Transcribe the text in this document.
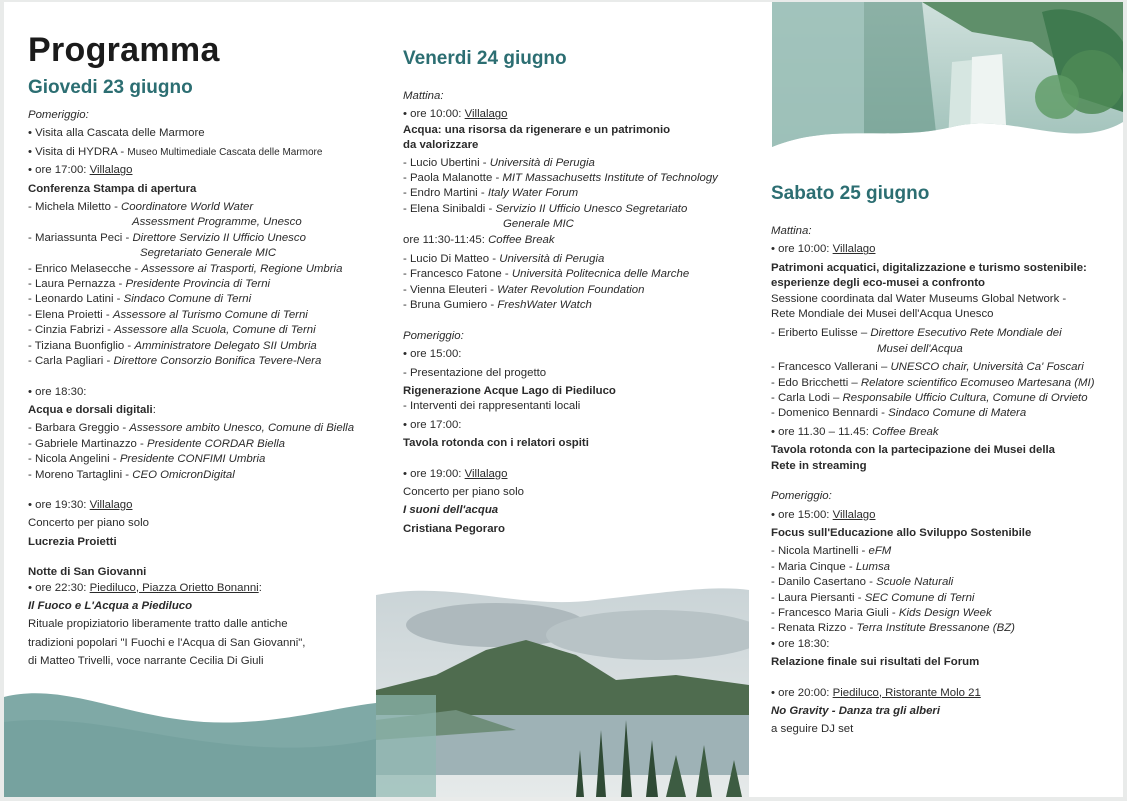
Programma
Giovedi 23 giugno
Pomeriggio:
• Visita alla Cascata delle Marmore
• Visita di HYDRA - Museo Multimediale Cascata delle Marmore
• ore 17:00: Villalago
Conferenza Stampa di apertura
- Michela Miletto - Coordinatore World Water
Assessment Programme, Unesco
- Mariassunta Peci - Direttore Servizio II Ufficio Unesco
Segretariato Generale MIC
- Enrico Melasecche - Assessore ai Trasporti, Regione Umbria
- Laura Pernazza - Presidente Provincia di Terni
- Leonardo Latini - Sindaco Comune di Terni
- Elena Proietti - Assessore al Turismo Comune di Terni
- Cinzia Fabrizi - Assessore alla Scuola, Comune di Terni
- Tiziana Buonfiglio - Amministratore Delegato SII Umbria
- Carla Pagliari - Direttore Consorzio Bonifica Tevere-Nera
• ore 18:30:
Acqua e dorsali digitali:
- Barbara Greggio - Assessore ambito Unesco, Comune di Biella
- Gabriele Martinazzo - Presidente CORDAR Biella
- Nicola Angelini - Presidente CONFIMI Umbria
- Moreno Tartaglini - CEO OmicronDigital
• ore 19:30: Villalago
Concerto per piano solo
Lucrezia Proietti
Notte di San Giovanni
• ore 22:30: Piediluco, Piazza Orietto Bonanni:
Il Fuoco e L'Acqua a Piediluco
Rituale propiziatorio liberamente tratto dalle antiche
tradizioni popolari "I Fuochi e l'Acqua di San Giovanni",
di Matteo Trivelli, voce narrante Cecilia Di Giuli
Venerdi 24 giugno
Mattina:
• ore 10:00: Villalago
Acqua: una risorsa da rigenerare e un patrimonio
da valorizzare
- Lucio Ubertini - Università di Perugia
- Paola Malanotte - MIT Massachusetts Institute of Technology
- Endro Martini - Italy Water Forum
- Elena Sinibaldi - Servizio II Ufficio Unesco Segretariato
Generale MIC
ore 11:30-11:45: Coffee Break
- Lucio Di Matteo - Università di Perugia
- Francesco Fatone - Università Politecnica delle Marche
- Vienna Eleuteri - Water Revolution Foundation
- Bruna Gumiero - FreshWater Watch
Pomeriggio:
• ore 15:00:
- Presentazione del progetto
Rigenerazione Acque Lago di Piediluco
- Interventi dei rappresentanti locali
• ore 17:00:
Tavola rotonda con i relatori ospiti
• ore 19:00: Villalago
Concerto per piano solo
I suoni dell'acqua
Cristiana Pegoraro
Sabato 25 giugno
Mattina:
• ore 10:00: Villalago
Patrimoni acquatici, digitalizzazione e turismo sostenibile:
esperienze degli eco-musei a confronto
Sessione coordinata dal Water Museums Global Network -
Rete Mondiale dei Musei dell'Acqua Unesco
- Eriberto Eulisse – Direttore Esecutivo Rete Mondiale dei
Musei dell'Acqua
- Francesco Vallerani – UNESCO chair, Università Ca' Foscari
- Edo Bricchetti – Relatore scientifico Ecomuseo Martesana (MI)
- Carla Lodi – Responsabile Ufficio Cultura, Comune di Orvieto
- Domenico Bennardi - Sindaco Comune di Matera
• ore 11.30 – 11.45: Coffee Break
Tavola rotonda con la partecipazione dei Musei della
Rete in streaming
Pomeriggio:
• ore 15:00: Villalago
Focus sull'Educazione allo Sviluppo Sostenibile
- Nicola Martinelli - eFM
- Maria Cinque - Lumsa
- Danilo Casertano - Scuole Naturali
- Laura Piersanti - SEC Comune di Terni
- Francesco Maria Giuli - Kids Design Week
- Renata Rizzo - Terra Institute Bressanone (BZ)
• ore 18:30:
Relazione finale sui risultati del Forum
• ore 20:00: Piediluco, Ristorante Molo 21
No Gravity - Danza tra gli alberi
a seguire DJ set
